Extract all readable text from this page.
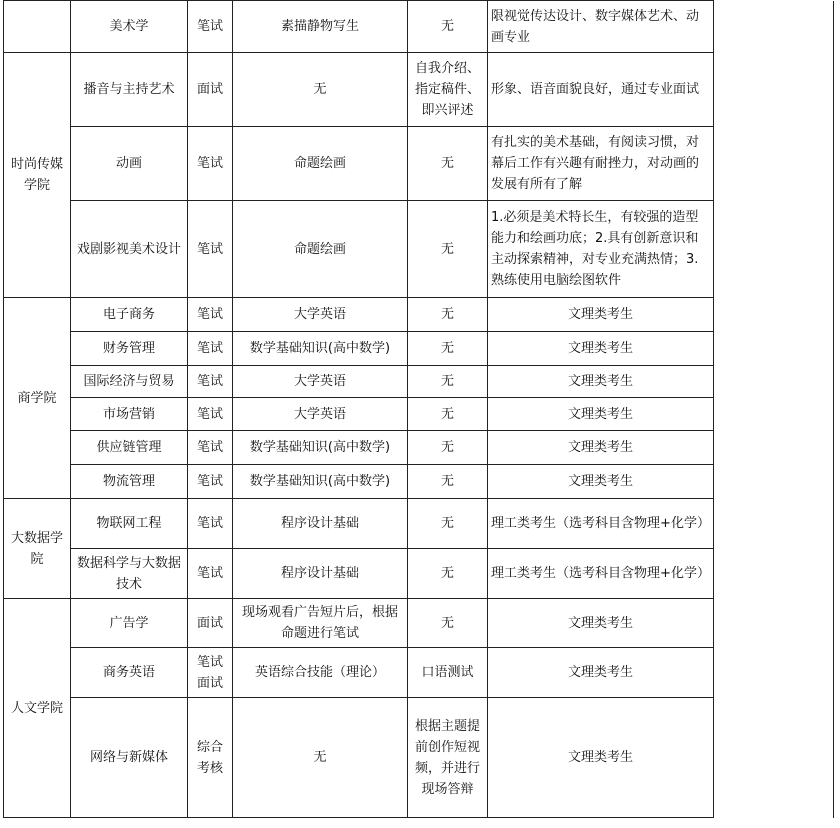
	美术学	笔试	素描静物写生	无	限视觉传达设计、数字媒体艺术、动画专业	
时尚传媒学院	播音与主持艺术	面试	无	自我介绍、指定稿件、即兴评述	形象、语音面貌良好，通过专业面试	
	动画	笔试	命题绘画	无	有扎实的美术基础，有阅读习惯，对幕后工作有兴趣有耐挫力，对动画的发展有所有了解	
	戏剧影视美术设计	笔试	命题绘画	无	1.必须是美术特长生，有较强的造型能力和绘画功底；2.具有创新意识和主动探索精神，对专业充满热情；3.熟练使用电脑绘图软件	
商学院	电子商务	笔试	大学英语	无	文理类考生	
	财务管理	笔试	数学基础知识(高中数学)	无	文理类考生	
	国际经济与贸易	笔试	大学英语	无	文理类考生	
	市场营销	笔试	大学英语	无	文理类考生	
	供应链管理	笔试	数学基础知识(高中数学)	无	文理类考生	
	物流管理	笔试	数学基础知识(高中数学)	无	文理类考生	
大数据学院	物联网工程	笔试	程序设计基础	无	理工类考生（选考科目含物理+化学）	
	数据科学与大数据技术	笔试	程序设计基础	无	理工类考生（选考科目含物理+化学）	
人文学院	广告学	面试	现场观看广告短片后，根据命题进行笔试	无	文理类考生	
	商务英语	笔试面试	英语综合技能（理论）	口语测试	文理类考生	
	网络与新媒体	综合考核	无	根据主题提前创作短视频，并进行现场答辩	文理类考生	
